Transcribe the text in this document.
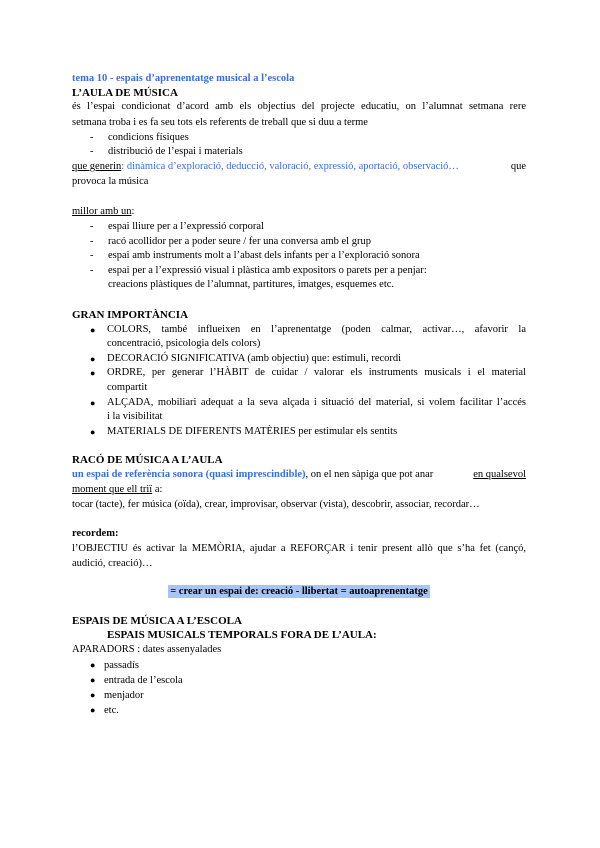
tema 10 - espais d’aprenentatge musical a l’escola
L’AULA DE MÚSICA
és l’espai condicionat d’acord amb els objectius del projecte educatiu, on l’alumnat setmana rere
setmana troba i es fa seu tots els referents de treball que si duu a terme
- condicions físiques
- distribució de l’espai i materials
que generin: dinàmica d’exploració, deducció, valoració, expressió, aportació, observació…	que
provoca la música
millor amb un:
- espai lliure per a l’expressió corporal
- racó acollidor per a poder seure / fer una conversa amb el grup
- espai amb instruments molt a l’abast dels infants per a l’exploració sonora
- espai per a l’expressió visual i plàstica amb expositors o parets per a penjar:
creacions plàstiques de l’alumnat, partitures, imatges, esquemes etc.
GRAN IMPORTÀNCIA
●	COLORS, també influeixen en l’aprenentatge (poden calmar, activar…, afavorir la
concentració, psicologia dels colors)
●	DECORACIÓ SIGNIFICATIVA (amb objectiu) que: estímuli, recordi
●	ORDRE, per generar l’HÀBIT de cuidar / valorar els instruments musicals i el material
compartit
●	ALÇADA, mobiliari adequat a la seva alçada i situació del material, si volem facilitar l’accés
i la visibilitat
●	MATERIALS DE DIFERENTS MATÈRIES per estimular els sentits
RACÓ DE MÚSICA A L’AULA
un espai de referència sonora (quasi imprescindible), on el nen sàpiga que pot anar	en qualsevol
moment que ell triï a:
tocar (tacte), fer música (oïda), crear, improvisar, observar (vista), descobrir, associar, recordar…
recordem:
l’OBJECTIU és activar la MEMÒRIA, ajudar a REFORÇAR i tenir present allò que s’ha fet (cançó,
audició, creació)…
= crear un espai de: creació - llibertat = autoaprenentatge
ESPAIS DE MÚSICA A L’ESCOLA
ESPAIS MUSICALS TEMPORALS FORA DE L’AULA:
APARADORS : dates assenyalades
● passadís
● entrada de l’escola
● menjador
● etc.
